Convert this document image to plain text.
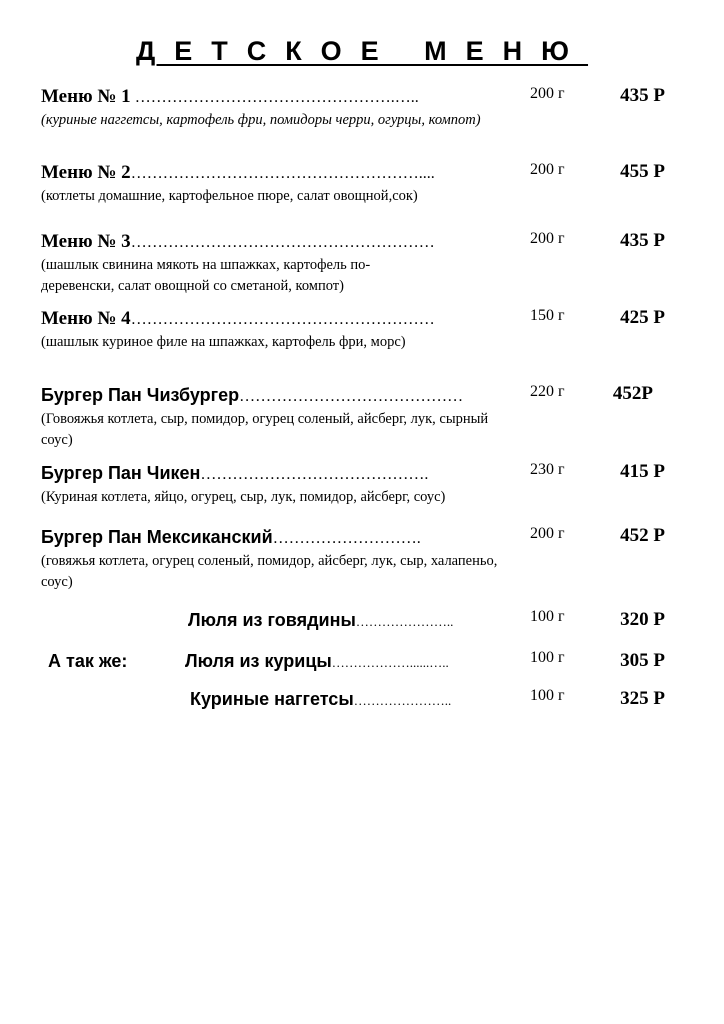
ДЕТСКОЕ МЕНЮ
Меню № 1 ………………………………………….…..
(куриные наггетсы, картофель фри, помидоры черри, огурцы, компот)
200 г	435 Р
Меню № 2………………………………………………....
(котлеты домашние, картофельное пюре, салат овощной,сок)
200 г	455 Р
Меню № 3…………………………………………………
(шашлык свинина мякоть на шпажках, картофель по-деревенски, салат овощной со сметаной, компот)
200 г	435 Р
Меню № 4…………………………………………………
(шашлык куриное филе на шпажках, картофель фри, морс)
150 г	425 Р
Бургер Пан Чизбургер……………………………………
(Говояжья котлета, сыр, помидор, огурец соленый, айсберг, лук, сырный соус)
220 г	452Р
Бургер Пан Чикен…………………………………….
(Куриная котлета, яйцо, огурец, сыр, лук, помидор, айсберг, соус)
230 г	415 Р
Бургер Пан Мексиканский……………………….
(говяжья котлета, огурец соленый, помидор, айсберг, лук, сыр, халапеньо, соус)
200 г	452 Р
Люля из говядины…………………..	100 г	320 Р
А так же:	Люля из курицы………………......…..	100 г	305 Р
Куриные наггетсы…………………..	100 г	325 Р
